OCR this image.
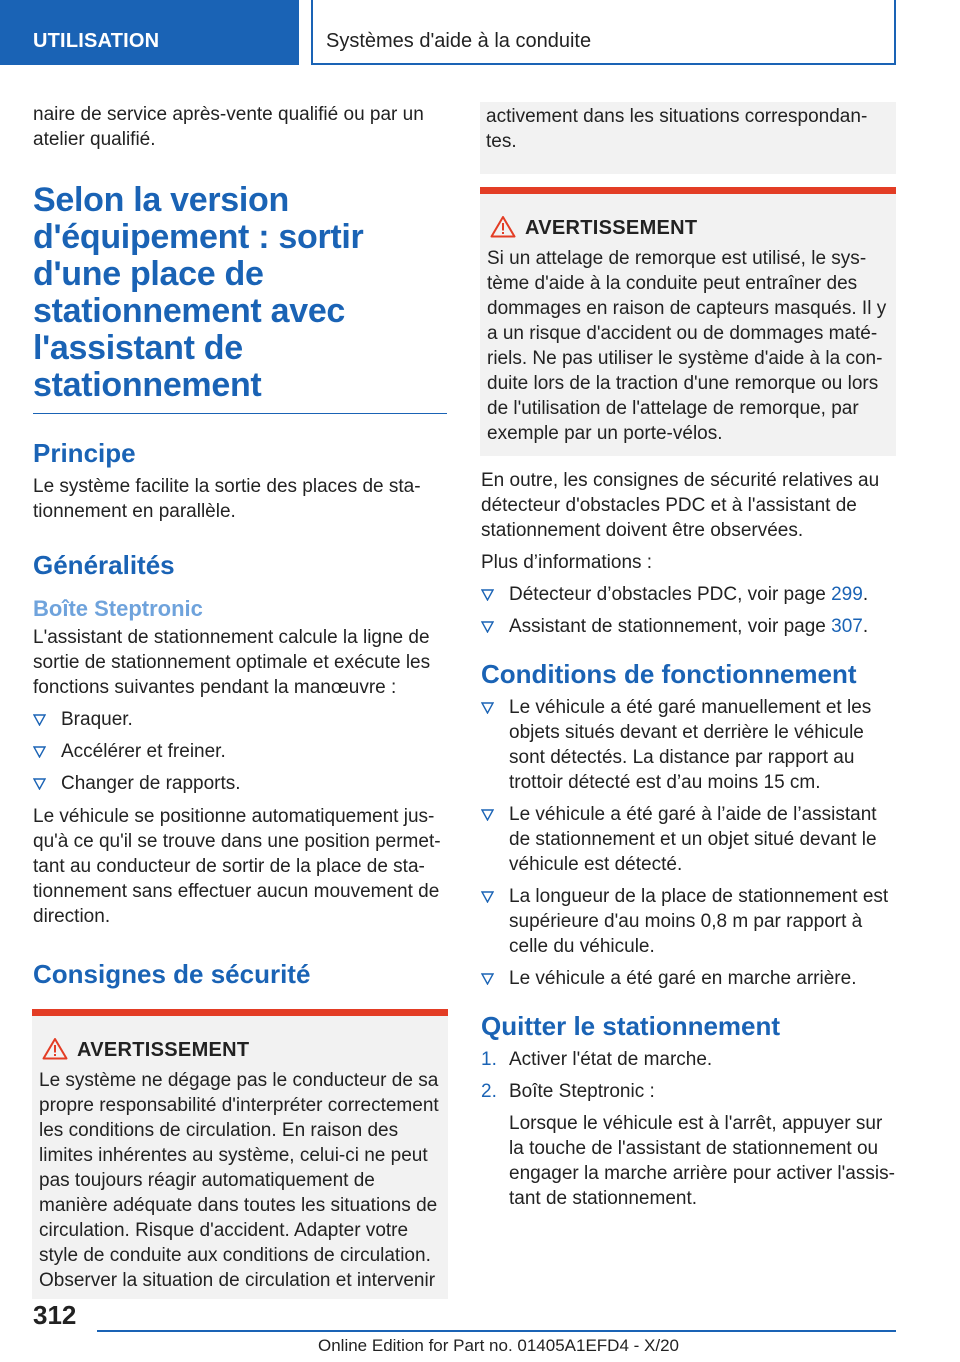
UTILISATION	Systèmes d'aide à la conduite

naire de service après-vente qualifié ou par un atelier qualifié.

Selon la version d'équipement : sortir d'une place de stationnement avec l'assistant de stationnement
Principe

Le système facilite la sortie des places de stationnement en parallèle.

Généralités
Boîte Steptronic

L'assistant de stationnement calcule la ligne de sortie de stationnement optimale et exécute les fonctions suivantes pendant la manœuvre :

Braquer.
Accélérer et freiner.
Changer de rapports.

Le véhicule se positionne automatiquement jusqu'à ce qu'il se trouve dans une position permettant au conducteur de sortir de la place de stationnement sans effectuer aucun mouvement de direction.

Consignes de sécurité
AVERTISSEMENT

Le système ne dégage pas le conducteur de sa propre responsabilité d'interpréter correctement les conditions de circulation. En raison des limites inhérentes au système, celui-ci ne peut pas toujours réagir automatiquement de manière adéquate dans toutes les situations de circulation. Risque d'accident. Adapter votre style de conduite aux conditions de circulation. Observer la situation de circulation et intervenir

activement dans les situations correspondantes.

AVERTISSEMENT

Si un attelage de remorque est utilisé, le système d'aide à la conduite peut entraîner des dommages en raison de capteurs masqués. Il y a un risque d'accident ou de dommages matériels. Ne pas utiliser le système d'aide à la conduite lors de la traction d'une remorque ou lors de l'utilisation de l'attelage de remorque, par exemple par un porte-vélos.

En outre, les consignes de sécurité relatives au détecteur d'obstacles PDC et à l'assistant de stationnement doivent être observées.

Plus d’informations :

Détecteur d’obstacles PDC, voir page 299.
Assistant de stationnement, voir page 307.
Conditions de fonctionnement
Le véhicule a été garé manuellement et les objets situés devant et derrière le véhicule sont détectés. La distance par rapport au trottoir détecté est d’au moins 15 cm.
Le véhicule a été garé à l’aide de l’assistant de stationnement et un objet situé devant le véhicule est détecté.
La longueur de la place de stationnement est supérieure d'au moins 0,8 m par rapport à celle du véhicule.
Le véhicule a été garé en marche arrière.
Quitter le stationnement
1. Activer l'état de marche.
2. Boîte Steptronic :
Lorsque le véhicule est à l'arrêt, appuyer sur la touche de l'assistant de stationnement ou engager la marche arrière pour activer l'assistant de stationnement.
312
Online Edition for Part no. 01405A1EFD4 - X/20
